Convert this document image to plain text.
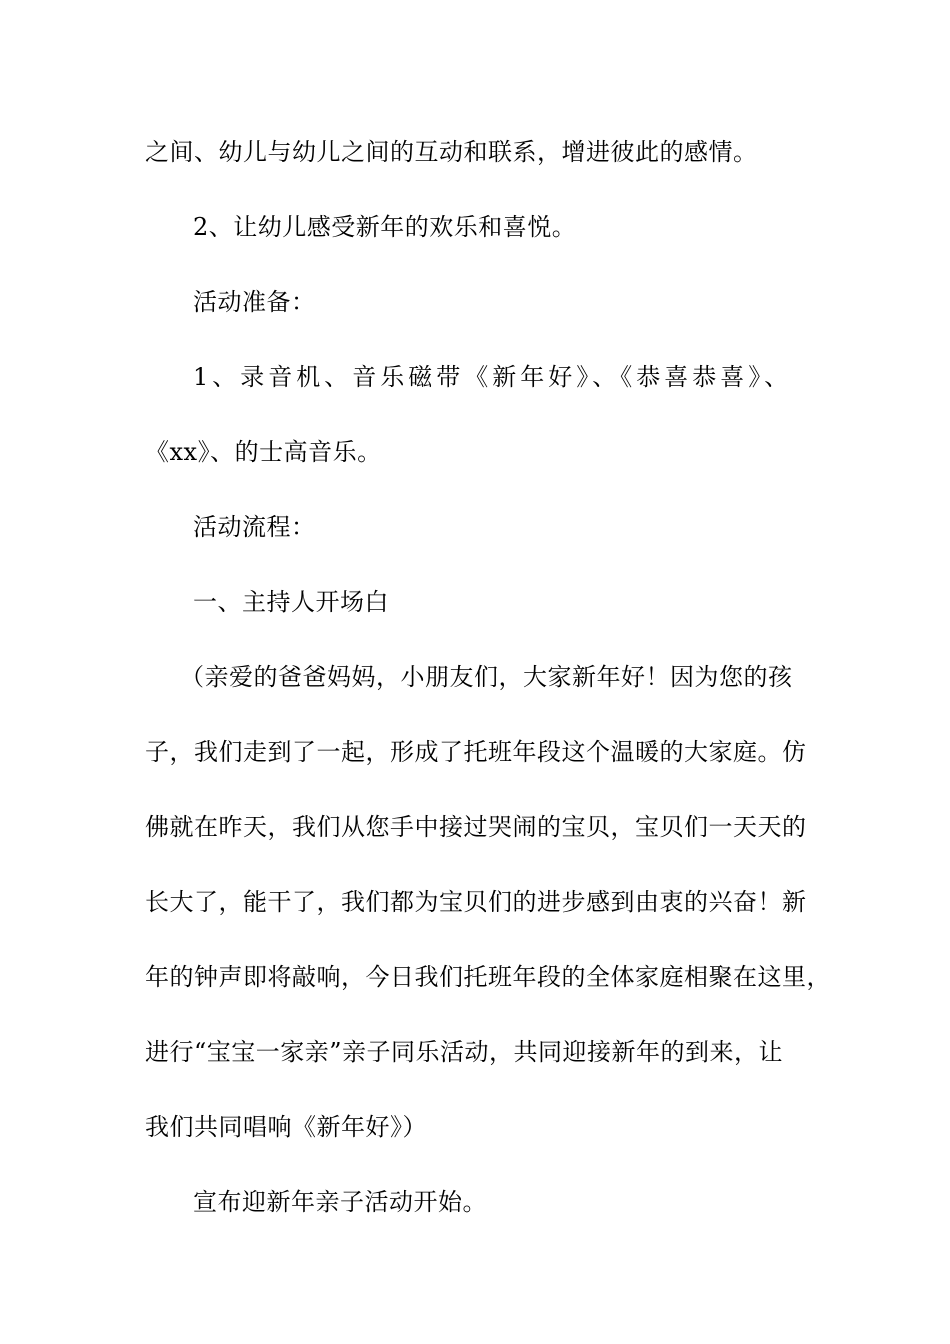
之间、幼儿与幼儿之间的互动和联系，增进彼此的感情。
2、让幼儿感受新年的欢乐和喜悦。
活动准备：
1、录音机、音乐磁带《新年好》、《恭喜恭喜》、
《xx》、的士高音乐。
活动流程：
一、主持人开场白
（亲爱的爸爸妈妈，小朋友们，大家新年好！因为您的孩
子，我们走到了一起，形成了托班年段这个温暖的大家庭。仿
佛就在昨天，我们从您手中接过哭闹的宝贝，宝贝们一天天的
长大了，能干了，我们都为宝贝们的进步感到由衷的兴奋！新
年的钟声即将敲响，今日我们托班年段的全体家庭相聚在这里，
进行“宝宝一家亲”亲子同乐活动，共同迎接新年的到来，让
我们共同唱响《新年好》）
宣布迎新年亲子活动开始。
